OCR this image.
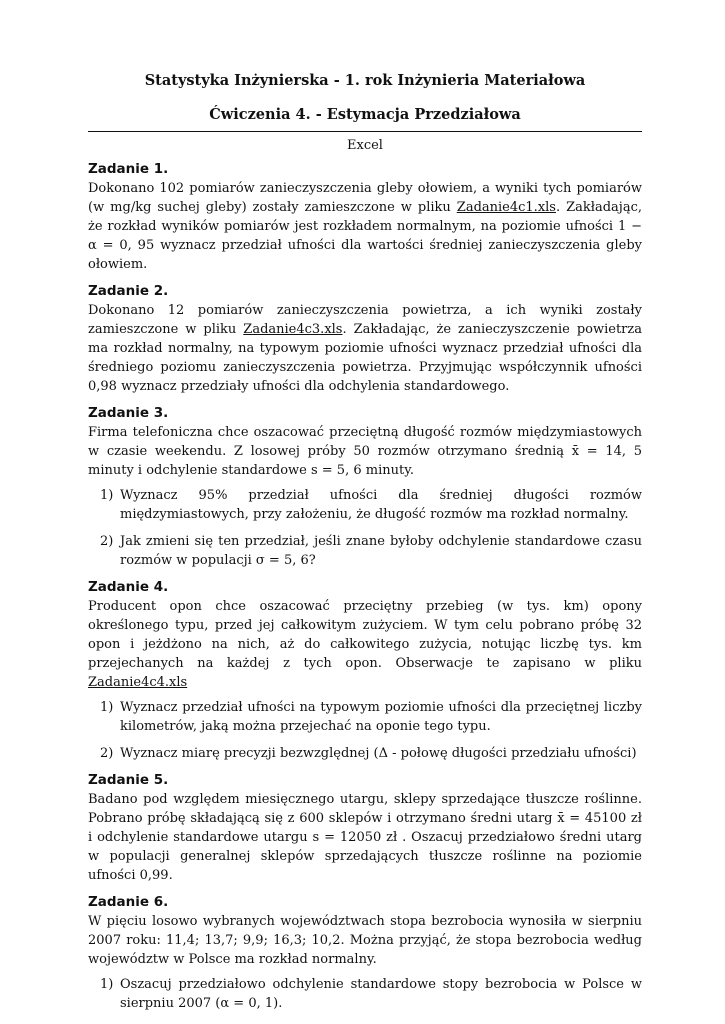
Statystyka Inżynierska - 1. rok Inżynieria Materiałowa

Ćwiczenia 4. - Estymacja Przedziałowa

Excel

Zadanie 1.

Dokonano 102 pomiarów zanieczyszczenia gleby ołowiem, a wyniki tych pomiarów (w mg/kg suchej gleby) zostały zamieszczone w pliku Zadanie4c1.xls. Zakładając, że rozkład wyników pomiarów jest rozkładem normalnym, na poziomie ufności 1 − α = 0, 95 wyznacz przedział ufności dla wartości średniej zanieczyszczenia gleby ołowiem.

Zadanie 2.

Dokonano 12 pomiarów zanieczyszczenia powietrza, a ich wyniki zostały zamieszczone w pliku Zadanie4c3.xls. Zakładając, że zanieczyszczenie powietrza ma rozkład normalny, na typowym poziomie ufności wyznacz przedział ufności dla średniego poziomu zanieczyszczenia powietrza. Przyjmując współczynnik ufności 0,98 wyznacz przedziały ufności dla odchylenia standardowego.

Zadanie 3.

Firma telefoniczna chce oszacować przeciętną długość rozmów międzymiastowych w czasie weekendu. Z losowej próby 50 rozmów otrzymano średnią x̄ = 14, 5 minuty i odchylenie standardowe s = 5, 6 minuty.

1) Wyznacz 95% przedział ufności dla średniej długości rozmów międzymiastowych, przy założeniu, że długość rozmów ma rozkład normalny.
2) Jak zmieni się ten przedział, jeśli znane byłoby odchylenie standardowe czasu rozmów w populacji σ = 5, 6?

Zadanie 4.

Producent opon chce oszacować przeciętny przebieg (w tys. km) opony określonego typu, przed jej całkowitym zużyciem. W tym celu pobrano próbę 32 opon i jeżdżono na nich, aż do całkowitego zużycia, notując liczbę tys. km przejechanych na każdej z tych opon. Obserwacje te zapisano w pliku Zadanie4c4.xls

1) Wyznacz przedział ufności na typowym poziomie ufności dla przeciętnej liczby kilometrów, jaką można przejechać na oponie tego typu.
2) Wyznacz miarę precyzji bezwzględnej (Δ - połowę długości przedziału ufności)

Zadanie 5.

Badano pod względem miesięcznego utargu, sklepy sprzedające tłuszcze roślinne. Pobrano próbę składającą się z 600 sklepów i otrzymano średni utarg x̄ = 45100 zł i odchylenie standardowe utargu s = 12050 zł . Oszacuj przedziałowo średni utarg w populacji generalnej sklepów sprzedających tłuszcze roślinne na poziomie ufności 0,99.

Zadanie 6.

W pięciu losowo wybranych województwach stopa bezrobocia wynosiła w sierpniu 2007 roku: 11,4; 13,7; 9,9; 16,3; 10,2. Można przyjąć, że stopa bezrobocia według województw w Polsce ma rozkład normalny.

1) Oszacuj przedziałowo odchylenie standardowe stopy bezrobocia w Polsce w sierpniu 2007 (α = 0, 1).
